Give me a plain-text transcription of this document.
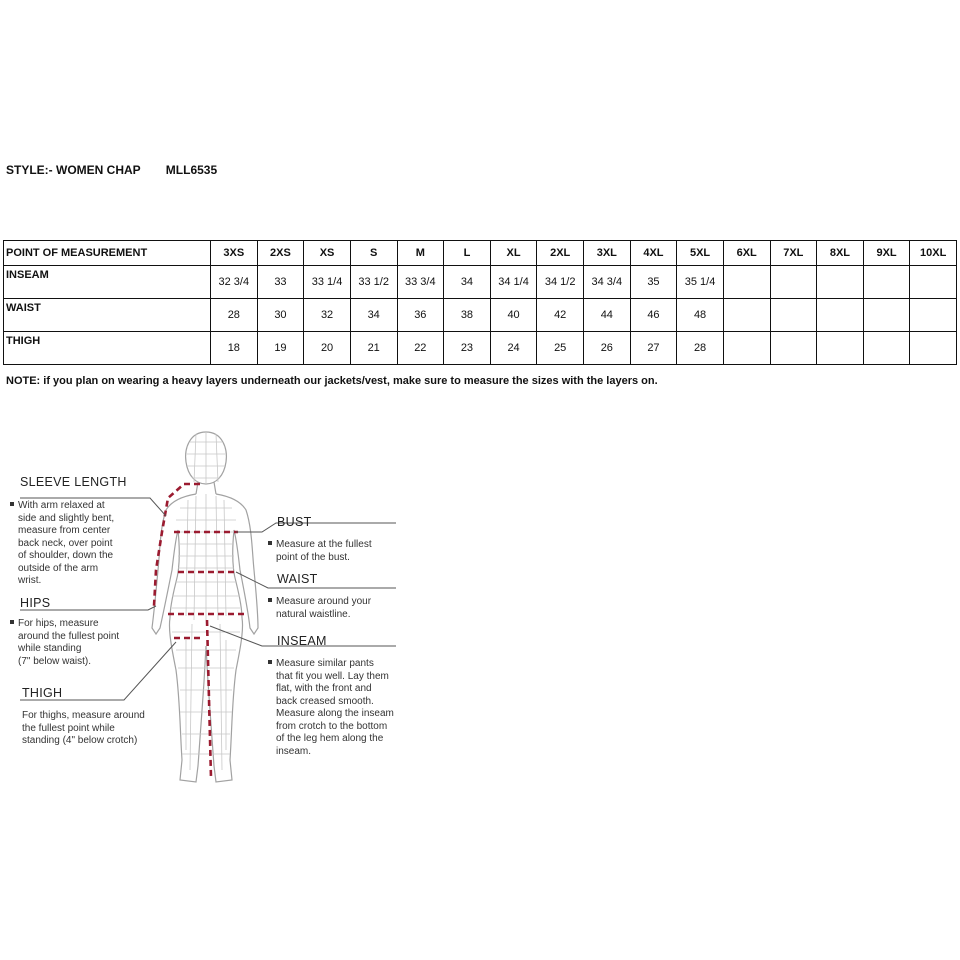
STYLE:- WOMEN CHAP MLL6535
POINT OF MEASUREMENT	3XS	2XS	XS	S	M	L	XL	2XL	3XL	4XL	5XL	6XL	7XL	8XL	9XL	10XL
INSEAM	32 3/4	33	33 1/4	33 1/2	33 3/4	34	34 1/4	34 1/2	34 3/4	35	35 1/4					
WAIST	28	30	32	34	36	38	40	42	44	46	48					
THIGH	18	19	20	21	22	23	24	25	26	27	28					
NOTE: if you plan on wearing a heavy layers underneath our jackets/vest, make sure to measure the sizes with the layers on.
SLEEVE LENGTH
With arm relaxed at
side and slightly bent,
measure from center
back neck, over point
of shoulder, down the
outside of the arm
wrist.
HIPS
For hips, measure
around the fullest point
while standing
(7" below waist).
THIGH
For thighs, measure around
the fullest point while
standing (4" below crotch)
BUST
Measure at the fullest
point of the bust.
WAIST
Measure around your
natural waistline.
INSEAM
Measure similar pants
that fit you well. Lay them
flat, with the front and
back creased smooth.
Measure along the inseam
from crotch to the bottom
of the leg hem along the
inseam.
